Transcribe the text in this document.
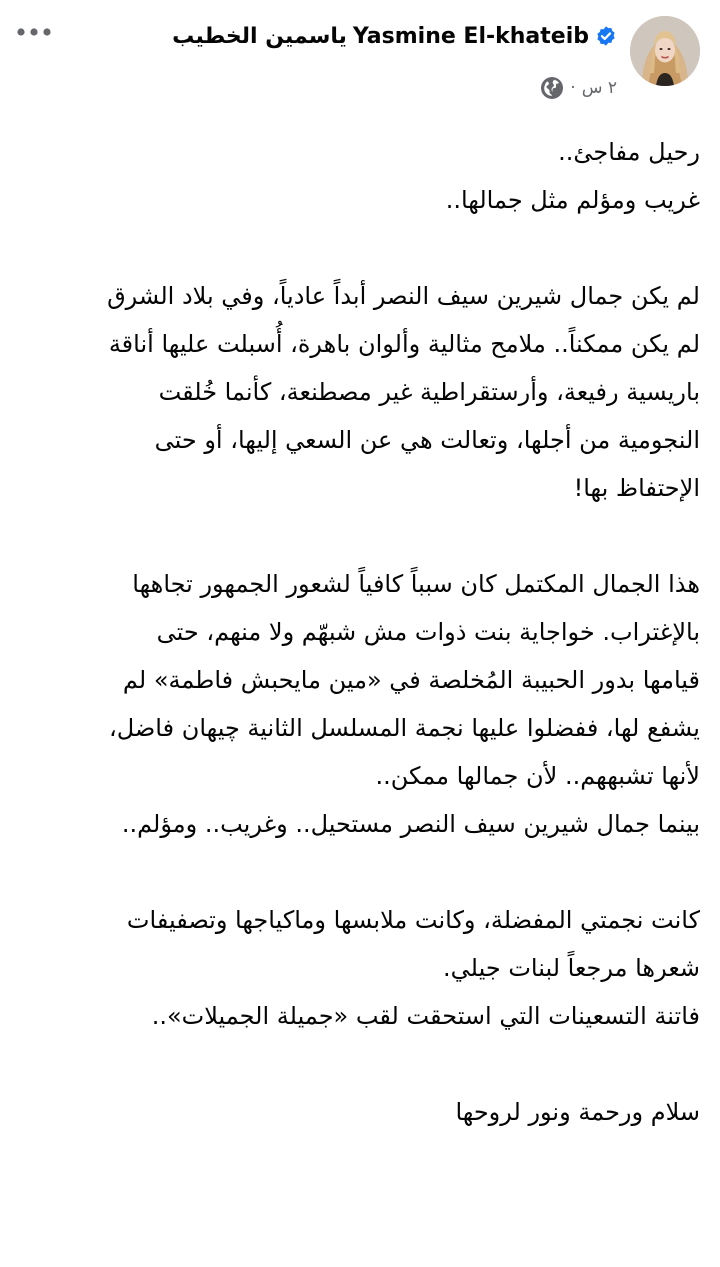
Yasmine El-khateib
ياسمين الخطيب
٢ س
·

رحيل مفاجئ..
غريب ومؤلم مثل جمالها..

لم يكن جمال شيرين سيف النصر أبداً عادياً، وفي بلاد الشرق
لم يكن ممكناً.. ملامح مثالية وألوان باهرة، أُسبلت عليها أناقة
باريسية رفيعة، وأرستقراطية غير مصطنعة، كأنما خُلقت
النجومية من أجلها، وتعالت هي عن السعي إليها، أو حتى
الإحتفاظ بها!

هذا الجمال المكتمل كان سبباً كافياً لشعور الجمهور تجاهها
بالإغتراب. خواجاية بنت ذوات مش شبهّم ولا منهم، حتى
قيامها بدور الحبيبة المُخلصة في «مين مايحبش فاطمة» لم
يشفع لها، ففضلوا عليها نجمة المسلسل الثانية چيهان فاضل،
لأنها تشبههم.. لأن جمالها ممكن..
بينما جمال شيرين سيف النصر مستحيل.. وغريب.. ومؤلم..

كانت نجمتي المفضلة، وكانت ملابسها وماكياجها وتصفيفات
شعرها مرجعاً لبنات جيلي.
فاتنة التسعينات التي استحقت لقب «جميلة الجميلات»..

سلام ورحمة ونور لروحها
